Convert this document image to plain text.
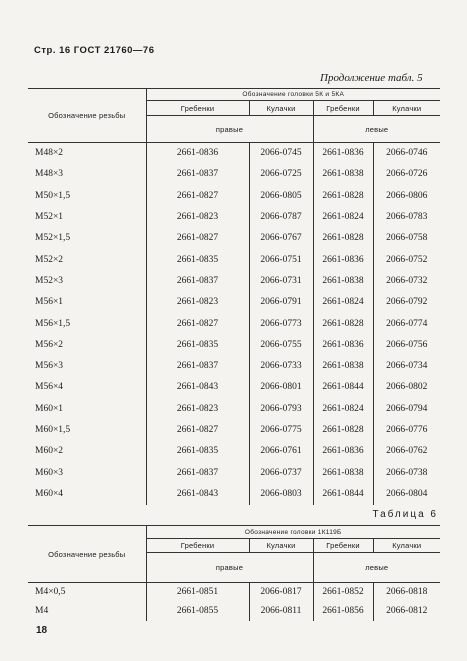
Стр. 16 ГОСТ 21760—76
Продолжение табл. 5
Обозначение резьбы	Обозначение головки 5К и 5КА			
	Гребенки	Кулачки	Гребенки	Кулачки
	правые		левые	
M48×2	2661-0836	2066-0745	2661-0836	2066-0746
M48×3	2661-0837	2066-0725	2661-0838	2066-0726
M50×1,5	2661-0827	2066-0805	2661-0828	2066-0806
M52×1	2661-0823	2066-0787	2661-0824	2066-0783
M52×1,5	2661-0827	2066-0767	2661-0828	2066-0758
M52×2	2661-0835	2066-0751	2661-0836	2066-0752
M52×3	2661-0837	2066-0731	2661-0838	2066-0732
M56×1	2661-0823	2066-0791	2661-0824	2066-0792
M56×1,5	2661-0827	2066-0773	2661-0828	2066-0774
M56×2	2661-0835	2066-0755	2661-0836	2066-0756
M56×3	2661-0837	2066-0733	2661-0838	2066-0734
M56×4	2661-0843	2066-0801	2661-0844	2066-0802
M60×1	2661-0823	2066-0793	2661-0824	2066-0794
M60×1,5	2661-0827	2066-0775	2661-0828	2066-0776
M60×2	2661-0835	2066-0761	2661-0836	2066-0762
M60×3	2661-0837	2066-0737	2661-0838	2066-0738
M60×4	2661-0843	2066-0803	2661-0844	2066-0804
Таблица 6
Обозначение резьбы	Обозначение головки 1К119Б			
	Гребенки	Кулачки	Гребенки	Кулачки
	правые		левые	
M4×0,5	2661-0851	2066-0817	2661-0852	2066-0818
M4	2661-0855	2066-0811	2661-0856	2066-0812
18
